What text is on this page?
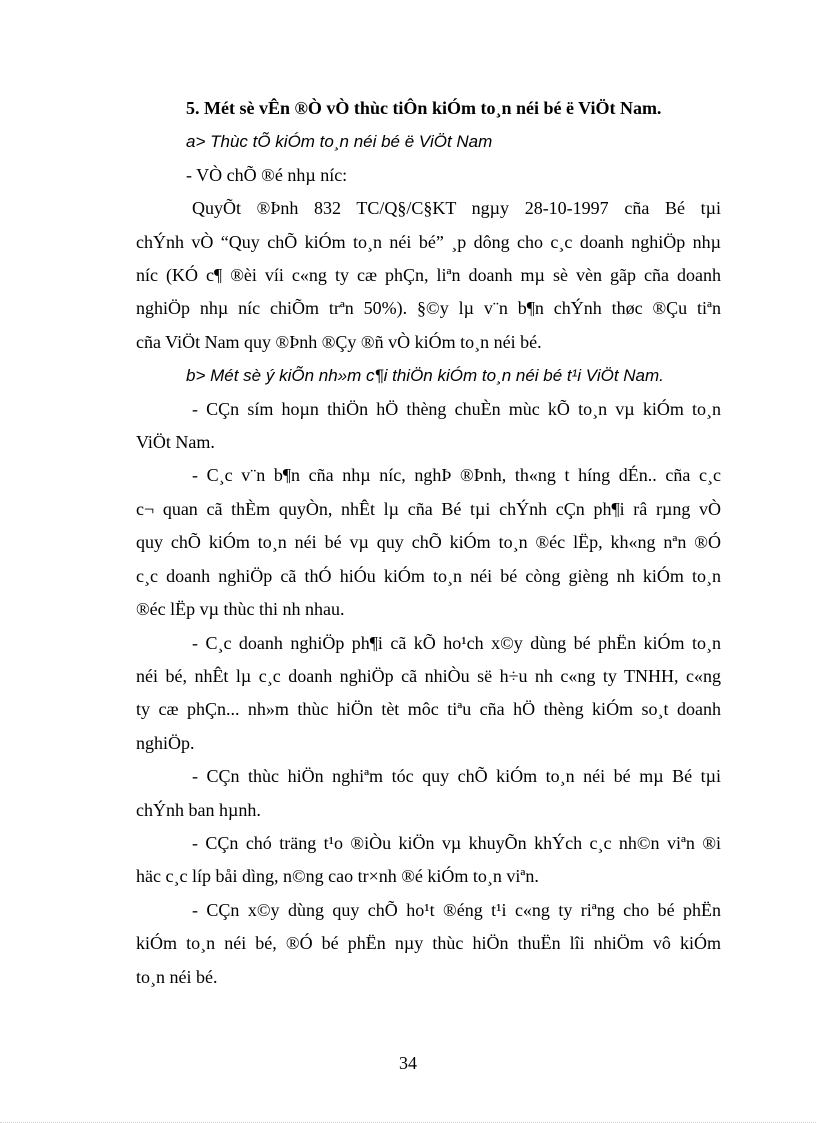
5. Mét sè vÊn ®Ò vÒ thùc tiÔn kiÓm to¸n néi bé ë ViÖt Nam.
a> Thùc tÕ kiÓm to¸n néi bé ë ViÖt Nam
- VÒ chÕ ®é nhµ níc:
QuyÕt ®Þnh 832 TC/Q§/C§KT ngµy 28-10-1997 cña Bé tµi
chÝnh vÒ “Quy chÕ kiÓm to¸n néi bé” ¸p dông cho c¸c doanh nghiÖp nhµ
níc (KÓ c¶ ®èi víi c«ng ty cæ phÇn, liªn doanh mµ sè vèn gãp cña doanh
nghiÖp nhµ níc chiÕm trªn 50%). §©y lµ v¨n b¶n chÝnh thøc ®Çu tiªn
cña ViÖt Nam quy ®Þnh ®Çy ®ñ vÒ kiÓm to¸n néi bé.
b> Mét sè ý kiÕn nh»m c¶i thiÖn kiÓm to¸n néi bé t¹i ViÖt Nam.
- CÇn sím hoµn thiÖn hÖ thèng chuÈn mùc kÕ to¸n vµ kiÓm to¸n
ViÖt Nam.
- C¸c v¨n b¶n cña nhµ níc, nghÞ ®Þnh, th«ng t híng dÉn.. cña c¸c
c¬ quan cã thÈm quyÒn, nhÊt lµ cña Bé tµi chÝnh cÇn ph¶i râ rµng vÒ
quy chÕ kiÓm to¸n néi bé vµ quy chÕ kiÓm to¸n ®éc lËp, kh«ng nªn ®Ó
c¸c doanh nghiÖp cã thÓ hiÓu kiÓm to¸n néi bé còng gièng nh kiÓm to¸n
®éc lËp vµ thùc thi nh nhau.
- C¸c doanh nghiÖp ph¶i cã kÕ ho¹ch x©y dùng bé phËn kiÓm to¸n
néi bé, nhÊt lµ c¸c doanh nghiÖp cã nhiÒu së h÷u nh c«ng ty TNHH, c«ng
ty cæ phÇn... nh»m thùc hiÖn tèt môc tiªu cña hÖ thèng kiÓm so¸t doanh
nghiÖp.
- CÇn thùc hiÖn nghiªm tóc quy chÕ kiÓm to¸n néi bé mµ Bé tµi
chÝnh ban hµnh.
- CÇn chó träng t¹o ®iÒu kiÖn vµ khuyÕn khÝch c¸c nh©n viªn ®i
häc c¸c líp båi dìng, n©ng cao tr×nh ®é kiÓm to¸n viªn.
- CÇn x©y dùng quy chÕ ho¹t ®éng t¹i c«ng ty riªng cho bé phËn
kiÓm to¸n néi bé, ®Ó bé phËn nµy thùc hiÖn thuËn lîi nhiÖm vô kiÓm
to¸n néi bé.
34
